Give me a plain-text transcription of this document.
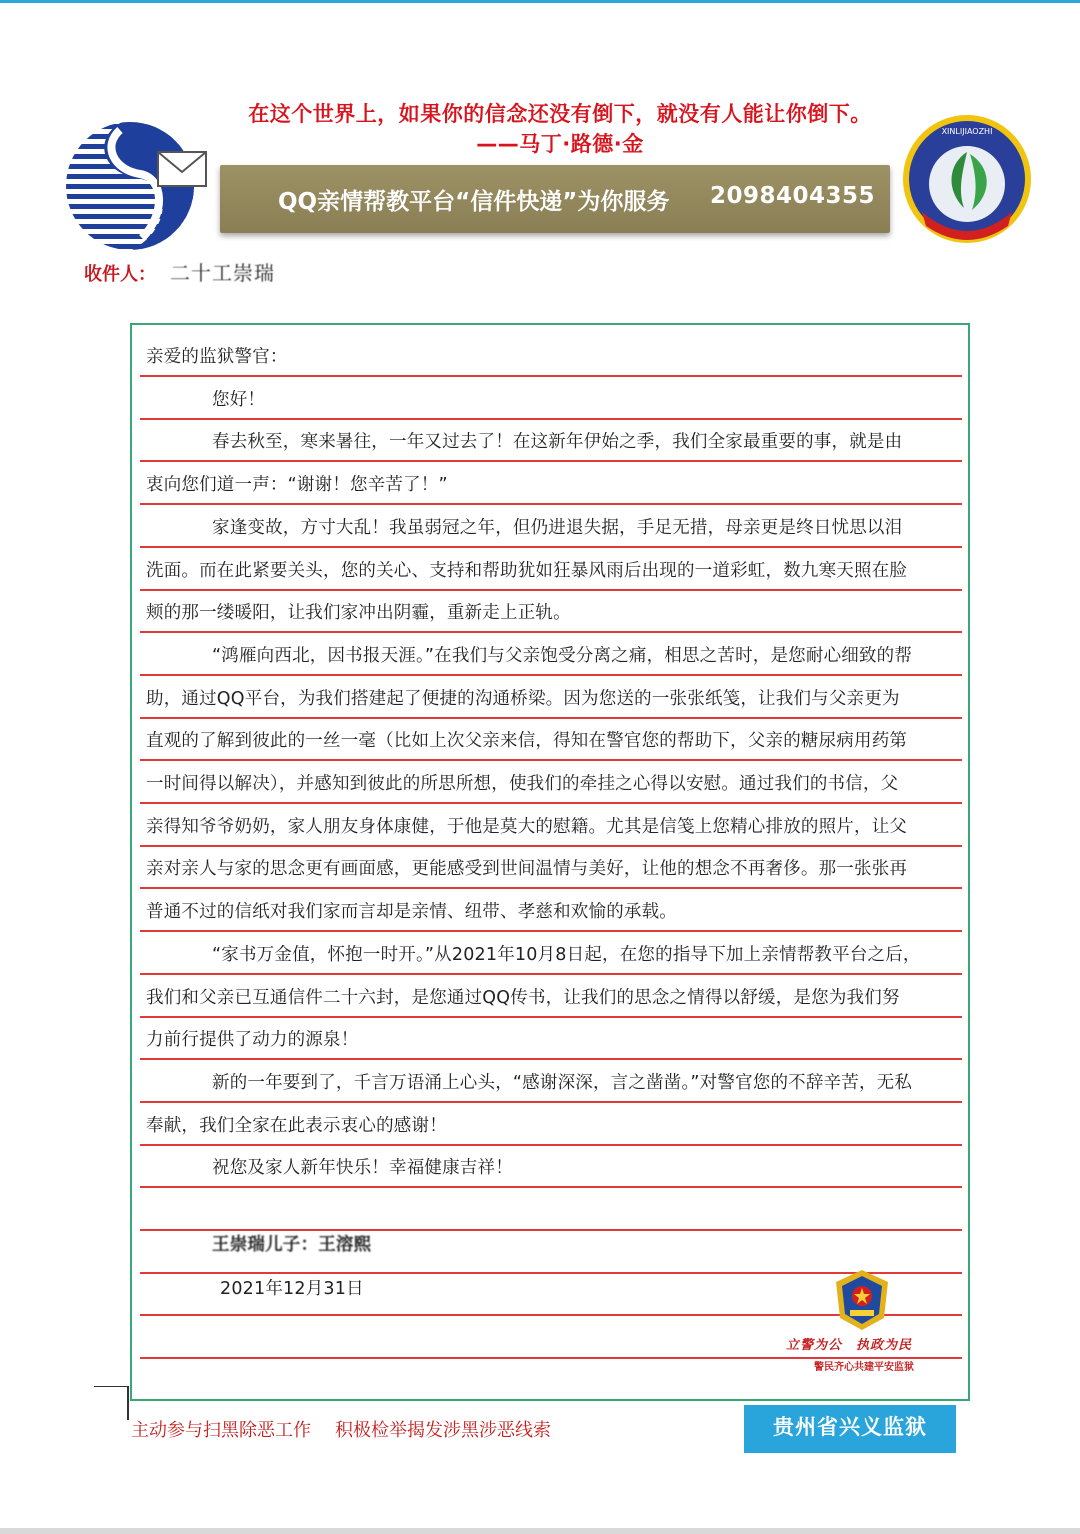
在这个世界上，如果你的信念还没有倒下，就没有人能让你倒下。
——马丁·路德·金
QQ亲情帮教平台“信件快递”为你服务 2098404355
XINLIJIAOZHI
收件人： 二十工崇瑞
亲爱的监狱警官：
您好！
春去秋至，寒来暑往，一年又过去了！在这新年伊始之季，我们全家最重要的事，就是由
衷向您们道一声：“谢谢！您辛苦了！”
家逢变故，方寸大乱！我虽弱冠之年，但仍进退失据，手足无措，母亲更是终日忧思以泪
洗面。而在此紧要关头，您的关心、支持和帮助犹如狂暴风雨后出现的一道彩虹，数九寒天照在脸
颊的那一缕暖阳，让我们家冲出阴霾，重新走上正轨。
“鸿雁向西北，因书报天涯。”在我们与父亲饱受分离之痛，相思之苦时，是您耐心细致的帮
助，通过QQ平台，为我们搭建起了便捷的沟通桥梁。因为您送的一张张纸笺，让我们与父亲更为
直观的了解到彼此的一丝一毫（比如上次父亲来信，得知在警官您的帮助下，父亲的糖尿病用药第
一时间得以解决），并感知到彼此的所思所想，使我们的牵挂之心得以安慰。通过我们的书信，父
亲得知爷爷奶奶，家人朋友身体康健，于他是莫大的慰籍。尤其是信笺上您精心排放的照片，让父
亲对亲人与家的思念更有画面感，更能感受到世间温情与美好，让他的想念不再奢侈。那一张张再
普通不过的信纸对我们家而言却是亲情、纽带、孝慈和欢愉的承载。
“家书万金值，怀抱一时开。”从2021年10月8日起，在您的指导下加上亲情帮教平台之后，
我们和父亲已互通信件二十六封，是您通过QQ传书，让我们的思念之情得以舒缓，是您为我们努
力前行提供了动力的源泉！
新的一年要到了，千言万语涌上心头，“感谢深深，言之凿凿。”对警官您的不辞辛苦，无私
奉献，我们全家在此表示衷心的感谢！
祝您及家人新年快乐！幸福健康吉祥！
王崇瑞儿子：王溶熙
2021年12月31日
立警为公　执政为民
警民齐心共建平安监狱
主动参与扫黑除恶工作 积极检举揭发涉黑涉恶线索	贵州省兴义监狱
